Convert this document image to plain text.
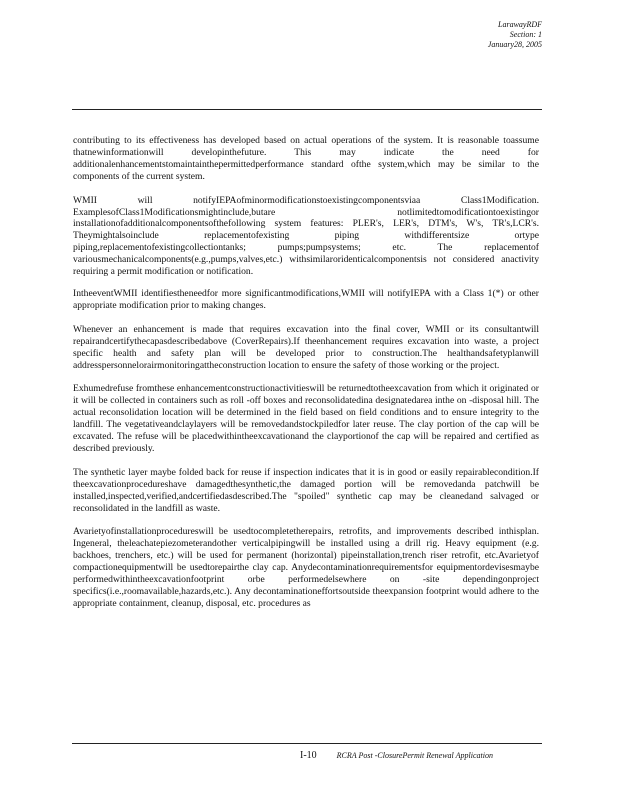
LarawayRDF
Section: 1
January28, 2005

contributing to its effectiveness has developed based on actual operations of the system. It is reasonable toassume thatnewinformationwill developinthefuture. This may indicate the need for additionalenhancementstomaintainthepermittedperformance standard ofthe system,which may be similar to the components of the current system.

WMII will notifyIEPAofminormodificationstoexistingcomponentsviaa Class1Modification. ExamplesofClass1Modificationsmightinclude,butare notlimitedtomodificationtoexistingor installationofadditionalcomponentsofthefollowing system features: PLER's, LER's, DTM's, W's, TR's,LCR's. Theymightalsoinclude replacementofexisting piping withdifferentsize ortype piping,replacementofexistingcollectiontanks; pumps;pumpsystems; etc. The replacementof variousmechanicalcomponents(e.g.,pumps,valves,etc.) withsimilaroridenticalcomponentsis not considered anactivity requiring a permit modification or notification.

IntheeventWMII identifiestheneedfor more significantmodifications,WMII will notifyIEPA with a Class 1(*) or other appropriate modification prior to making changes.

Whenever an enhancement is made that requires excavation into the final cover, WMII or its consultantwill repairandcertifythecapasdescribedabove (CoverRepairs).If theenhancement requires excavation into waste, a project specific health and safety plan will be developed prior to construction.The healthandsafetyplanwill addresspersonnelorairmonitoringattheconstruction location to ensure the safety of those working or the project.

Exhumedrefuse fromthese enhancementconstructionactivitieswill be returnedtotheexcavation from which it originated or it will be collected in containers such as roll -off boxes and reconsolidatedina designatedarea inthe on -disposal hill. The actual reconsolidation location will be determined in the field based on field conditions and to ensure integrity to the landfill. The vegetativeandclaylayers will be removedandstockpiledfor later reuse. The clay portion of the cap will be excavated. The refuse will be placedwithintheexcavationand the clayportionof the cap will be repaired and certified as described previously.

The synthetic layer maybe folded back for reuse if inspection indicates that it is in good or easily repairablecondition.If theexcavationprocedureshave damagedthesynthetic,the damaged portion will be removedanda patchwill be installed,inspected,verified,andcertifiedasdescribed.The "spoiled" synthetic cap may be cleanedand salvaged or reconsolidated in the landfill as waste.

Avarietyofinstallationprocedureswill be usedtocompletetherepairs, retrofits, and improvements described inthisplan. Ingeneral, theleachatepiezometerandother verticalpipingwill be installed using a drill rig. Heavy equipment (e.g. backhoes, trenchers, etc.) will be used for permanent (horizontal) pipeinstallation,trench riser retrofit, etc.Avarietyof compactionequipmentwill be usedtorepairthe clay cap. Anydecontaminationrequirementsfor equipmentordevisesmaybe performedwithintheexcavationfootprint orbe performedelsewhere on -site dependingonproject specifics(i.e.,roomavailable,hazards,etc.). Any decontaminationeffortsoutside theexpansion footprint would adhere to the appropriate containment, cleanup, disposal, etc. procedures as

I-10	RCRA Post -ClosurePermit Renewal Application
